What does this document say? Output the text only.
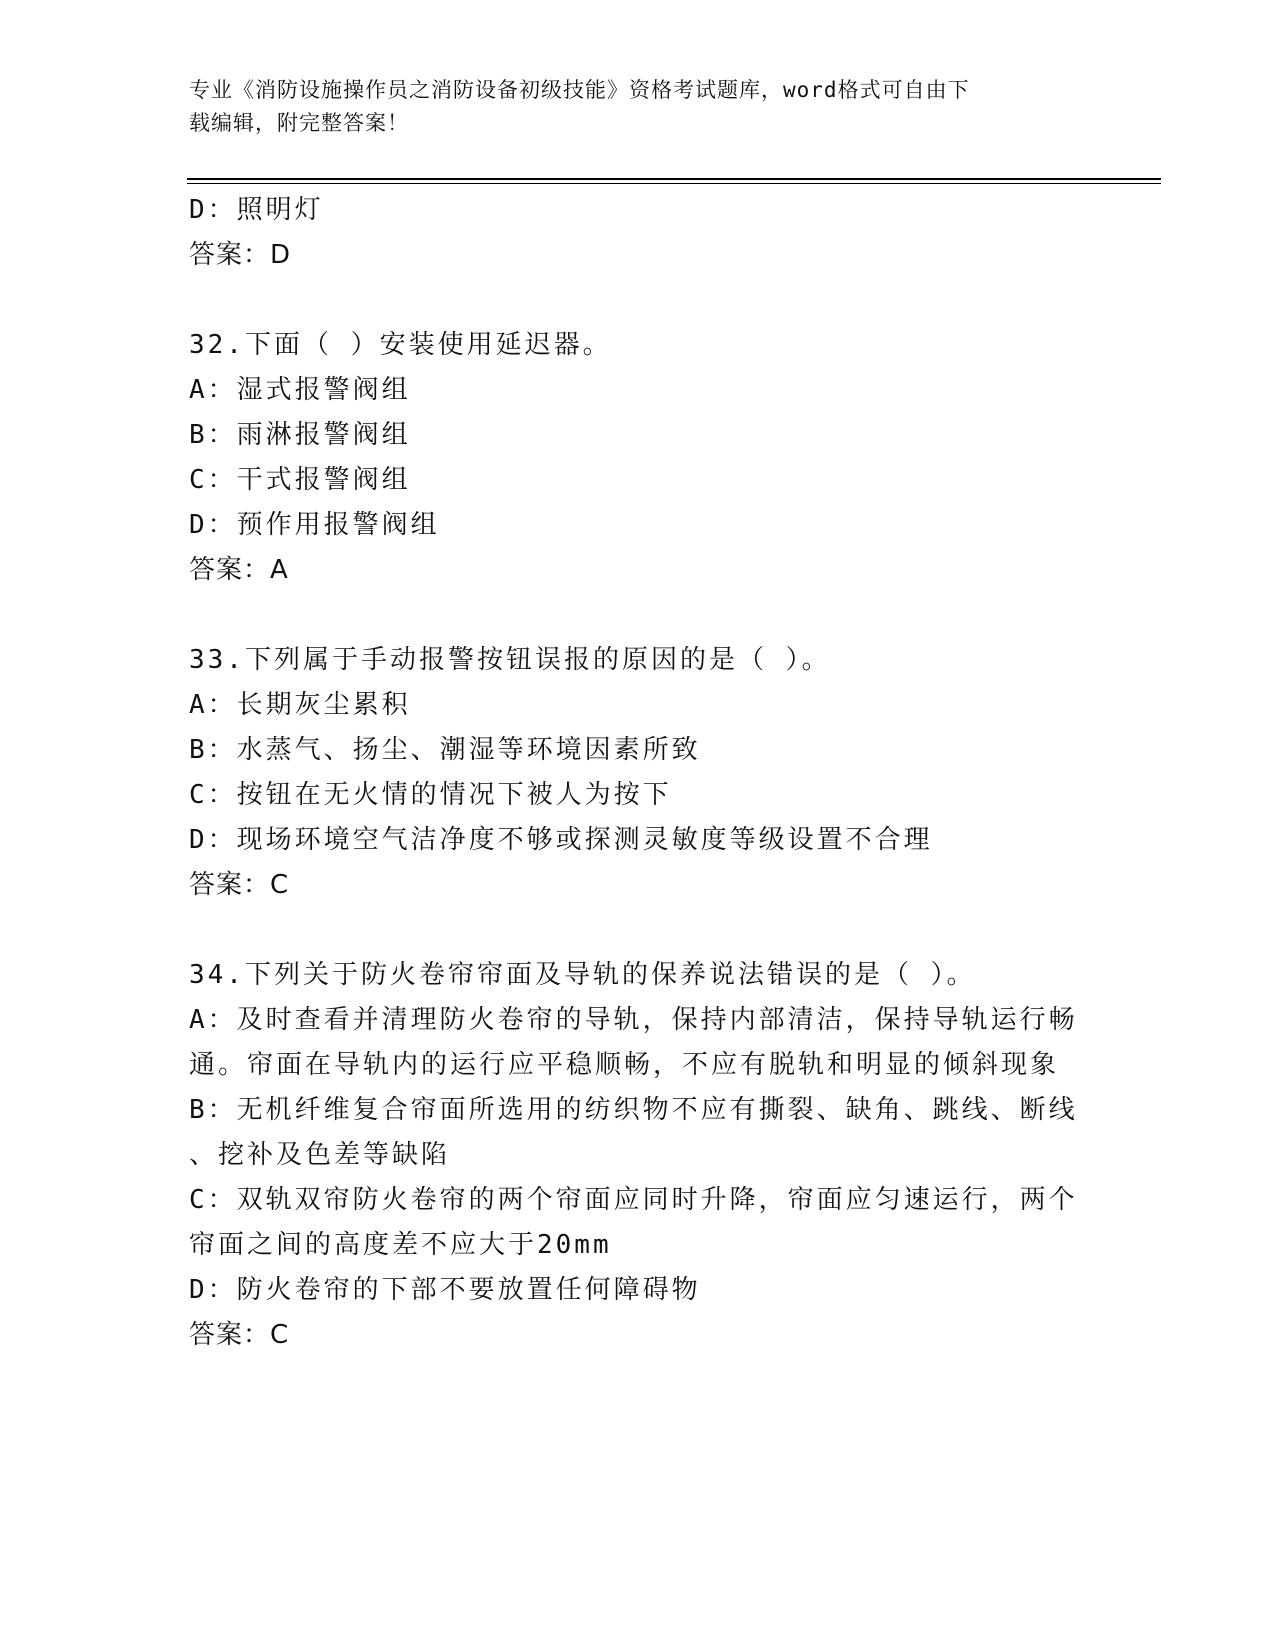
专业《消防设施操作员之消防设备初级技能》资格考试题库，word格式可自由下
载编辑，附完整答案！
D：照明灯
答案：D
32.下面（ ）安装使用延迟器。
A：湿式报警阀组
B：雨淋报警阀组
C：干式报警阀组
D：预作用报警阀组
答案：A
33.下列属于手动报警按钮误报的原因的是（ ）。
A：长期灰尘累积
B：水蒸气、扬尘、潮湿等环境因素所致
C：按钮在无火情的情况下被人为按下
D：现场环境空气洁净度不够或探测灵敏度等级设置不合理
答案：C
34.下列关于防火卷帘帘面及导轨的保养说法错误的是（ ）。
A：及时查看并清理防火卷帘的导轨，保持内部清洁，保持导轨运行畅
通。帘面在导轨内的运行应平稳顺畅，不应有脱轨和明显的倾斜现象
B：无机纤维复合帘面所选用的纺织物不应有撕裂、缺角、跳线、断线
、挖补及色差等缺陷
C：双轨双帘防火卷帘的两个帘面应同时升降，帘面应匀速运行，两个
帘面之间的高度差不应大于20mm
D：防火卷帘的下部不要放置任何障碍物
答案：C
